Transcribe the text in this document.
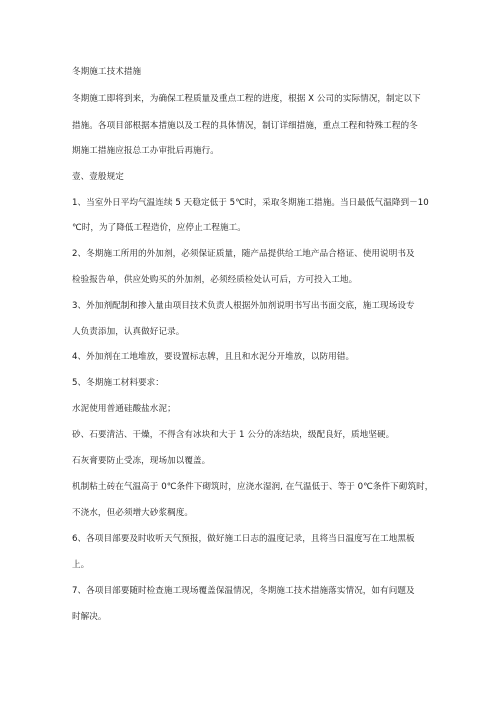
冬期施工技术措施
冬期施工即将到来，为确保工程质量及重点工程的进度，根据 X 公司的实际情况，制定以下
措施。各项目部根据本措施以及工程的具体情况，制订详细措施，重点工程和特殊工程的冬
期施工措施应报总工办审批后再施行。
壹、壹般规定
1、当室外日平均气温连续 5 天稳定低于 5℃时，采取冬期施工措施。当日最低气温降到－10
℃时，为了降低工程造价，应停止工程施工。
2、冬期施工所用的外加剂，必须保证质量，随产品提供给工地产品合格证、使用说明书及
检验报告单，供应处购买的外加剂，必须经质检处认可后，方可投入工地。
3、外加剂配制和掺入量由项目技术负责人根据外加剂说明书写出书面交底，施工现场设专
人负责添加，认真做好记录。
4、外加剂在工地堆放，要设置标志牌，且且和水泥分开堆放，以防用错。
5、冬期施工材料要求：
水泥使用普通硅酸盐水泥；
砂、石要清洁、干燥，不得含有冰块和大于 1 公分的冻结块，级配良好，质地坚硬。
石灰膏要防止受冻，现场加以覆盖。
机制粘土砖在气温高于 0℃条件下砌筑时，应浇水湿润, 在气温低于、等于 0℃条件下砌筑时，
不浇水，但必须增大砂浆稠度。
6、各项目部要及时收听天气预报，做好施工日志的温度记录，且将当日温度写在工地黑板
上。
7、各项目部要随时检查施工现场覆盖保温情况，冬期施工技术措施落实情况，如有问题及
时解决。
